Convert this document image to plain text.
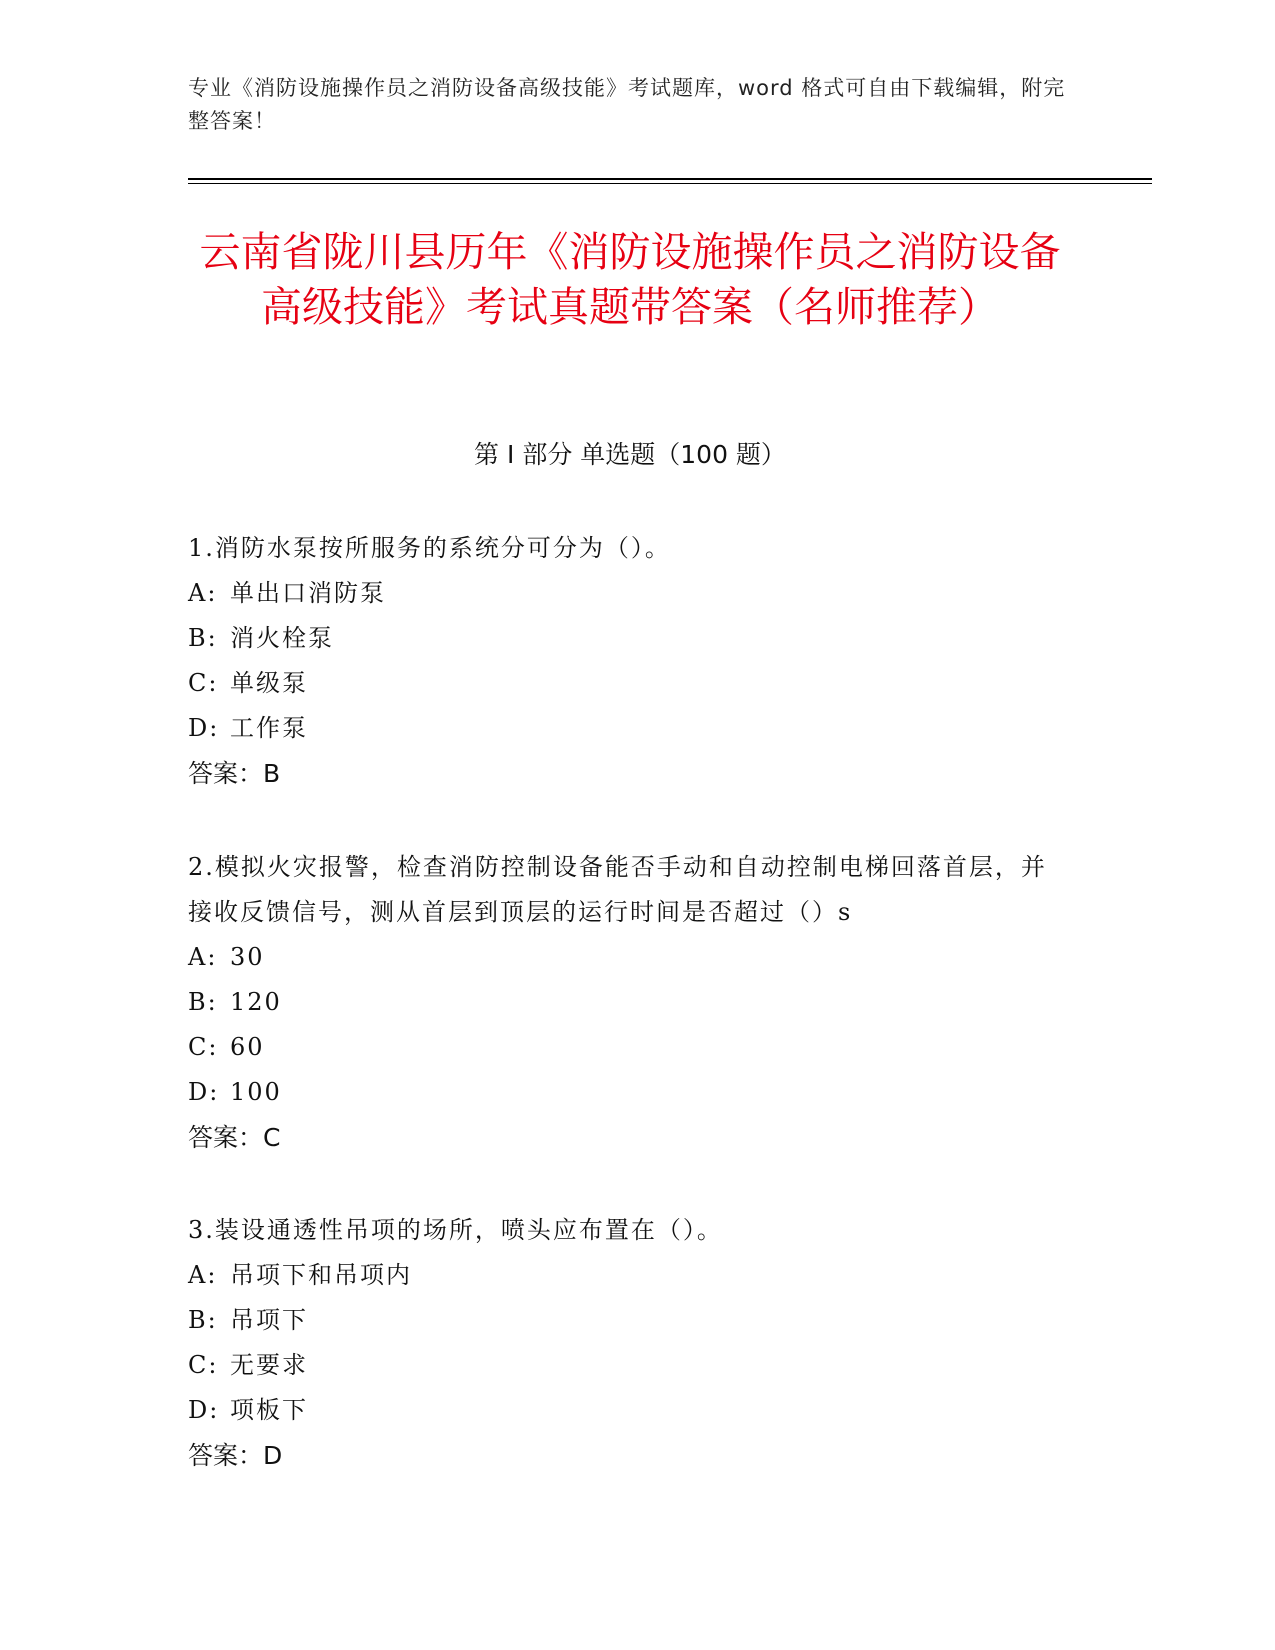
专业《消防设施操作员之消防设备高级技能》考试题库，word 格式可自由下载编辑，附完整答案！
云南省陇川县历年《消防设施操作员之消防设备高级技能》考试真题带答案（名师推荐）
第 I 部分 单选题（100 题）
1.消防水泵按所服务的系统分可分为（）。
A: 单出口消防泵
B: 消火栓泵
C: 单级泵
D: 工作泵
答案：B
2.模拟火灾报警，检查消防控制设备能否手动和自动控制电梯回落首层，并接收反馈信号，测从首层到顶层的运行时间是否超过（）s
A: 30
B: 120
C: 60
D: 100
答案：C
3.装设通透性吊项的场所，喷头应布置在（）。
A: 吊项下和吊项内
B: 吊项下
C: 无要求
D: 项板下
答案：D
